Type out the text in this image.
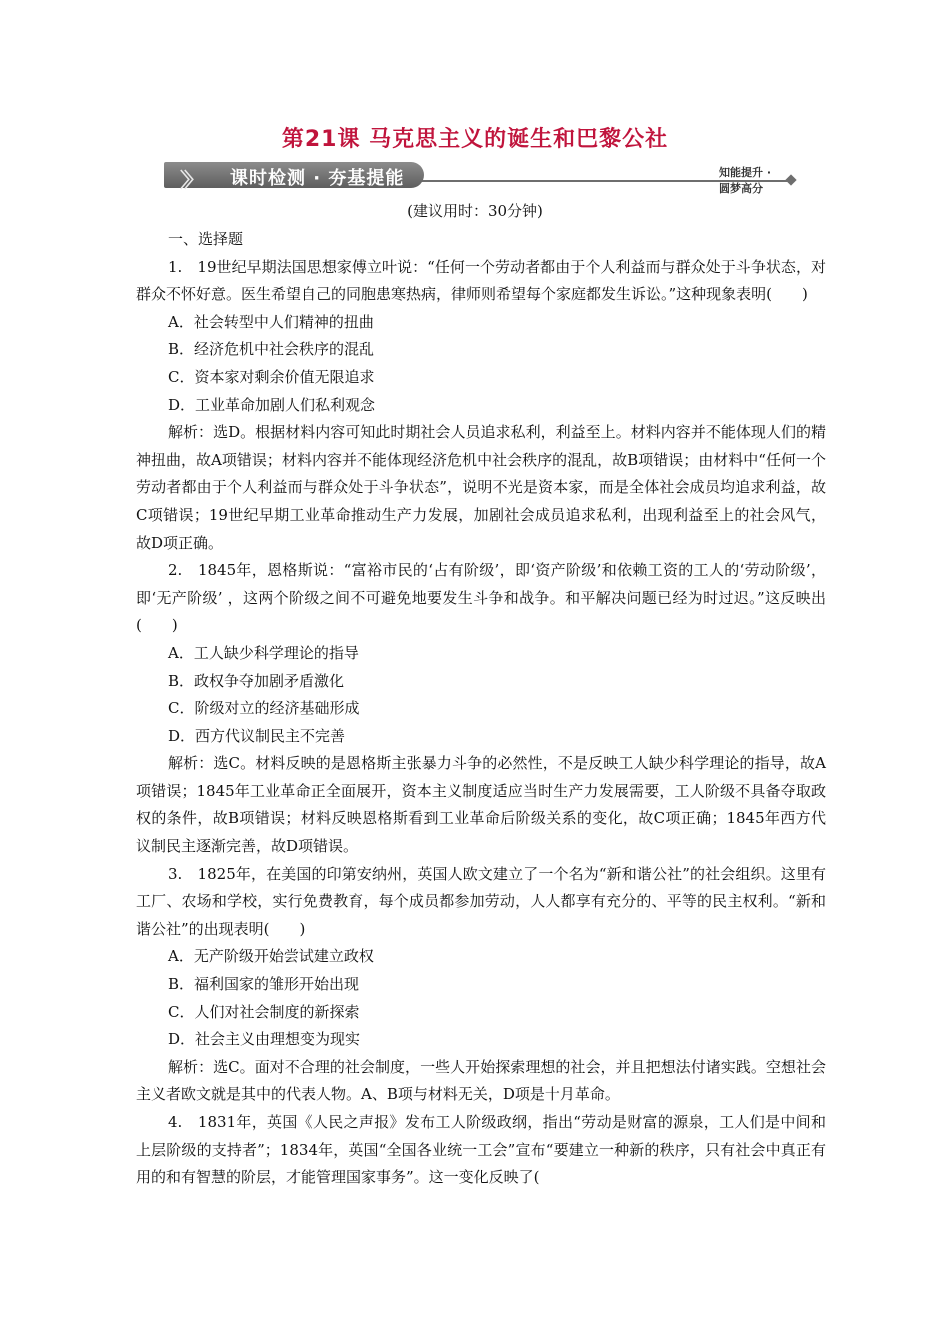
第21课 马克思主义的诞生和巴黎公社
〉〉 课时检测 · 夯基提能	知能提升 · 圆梦高分
(建议用时：30分钟)

一、选择题

1.　19世纪早期法国思想家傅立叶说：“任何一个劳动者都由于个人利益而与群众处于斗争状态，对群众不怀好意。医生希望自己的同胞患寒热病，律师则希望每个家庭都发生诉讼。”这种现象表明(　　)

A．社会转型中人们精神的扭曲

B．经济危机中社会秩序的混乱

C．资本家对剩余价值无限追求

D．工业革命加剧人们私利观念

解析：选D。根据材料内容可知此时期社会人员追求私利，利益至上。材料内容并不能体现人们的精神扭曲，故A项错误；材料内容并不能体现经济危机中社会秩序的混乱，故B项错误；由材料中“任何一个劳动者都由于个人利益而与群众处于斗争状态”，说明不光是资本家，而是全体社会成员均追求利益，故C项错误；19世纪早期工业革命推动生产力发展，加剧社会成员追求私利，出现利益至上的社会风气，故D项正确。

2.　1845年，恩格斯说：“富裕市民的‘占有阶级’，即‘资产阶级’和依赖工资的工人的‘劳动阶级’，即‘无产阶级’ ，这两个阶级之间不可避免地要发生斗争和战争。和平解决问题已经为时过迟。”这反映出(　　)

A．工人缺少科学理论的指导

B．政权争夺加剧矛盾激化

C．阶级对立的经济基础形成

D．西方代议制民主不完善

解析：选C。材料反映的是恩格斯主张暴力斗争的必然性，不是反映工人缺少科学理论的指导，故A项错误；1845年工业革命正全面展开，资本主义制度适应当时生产力发展需要，工人阶级不具备夺取政权的条件，故B项错误；材料反映恩格斯看到工业革命后阶级关系的变化，故C项正确；1845年西方代议制民主逐渐完善，故D项错误。

3.　1825年，在美国的印第安纳州，英国人欧文建立了一个名为“新和谐公社”的社会组织。这里有工厂、农场和学校，实行免费教育，每个成员都参加劳动，人人都享有充分的、平等的民主权利。“新和谐公社”的出现表明(　　)

A．无产阶级开始尝试建立政权

B．福利国家的雏形开始出现

C．人们对社会制度的新探索

D．社会主义由理想变为现实

解析：选C。面对不合理的社会制度，一些人开始探索理想的社会，并且把想法付诸实践。空想社会主义者欧文就是其中的代表人物。A、B项与材料无关，D项是十月革命。

4.　1831年，英国《人民之声报》发布工人阶级政纲，指出“劳动是财富的源泉，工人们是中间和上层阶级的支持者”；1834年，英国“全国各业统一工会”宣布“要建立一种新的秩序，只有社会中真正有用的和有智慧的阶层，才能管理国家事务”。这一变化反映了(
